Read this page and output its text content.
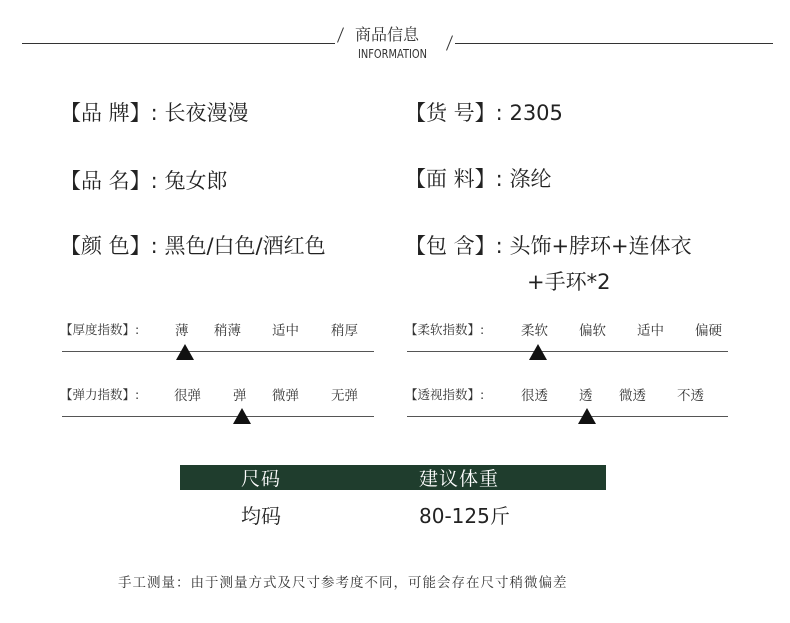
商品信息
INFORMATION
【品 牌】: 长夜漫漫	【货 号】: 2305
【品 名】: 兔女郎	【面 料】: 涤纶
【颜 色】: 黑色/白色/酒红色	【包 含】: 头饰+脖环+连体衣
+手环*2
【厚度指数】:	薄 稍薄 适中 稍厚	【柔软指数】:	柔软 偏软 适中 偏硬
【弹力指数】:	很弹 弹 微弹 无弹	【透视指数】:	很透 透 微透 不透
尺码	建议体重
均码	80-125斤
手工测量：由于测量方式及尺寸参考度不同，可能会存在尺寸稍微偏差
